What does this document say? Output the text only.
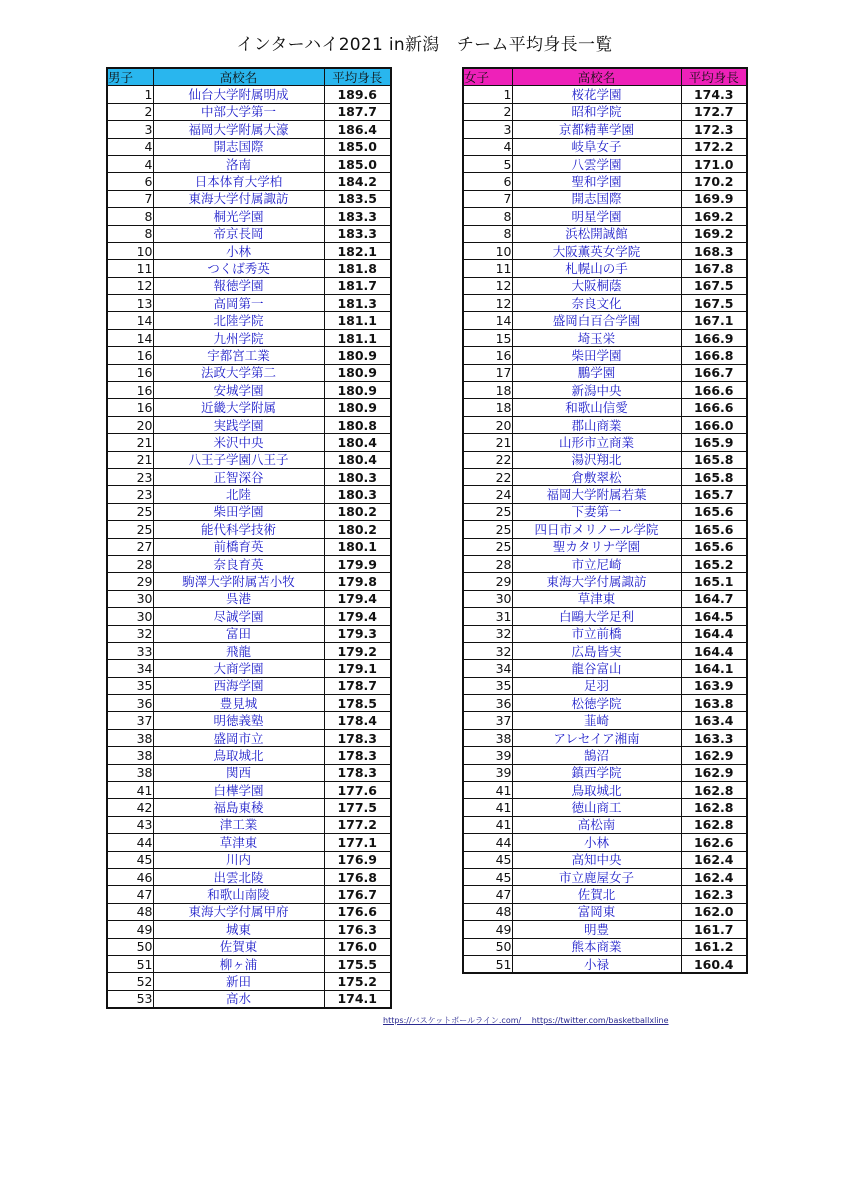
インターハイ2021 in新潟　チーム平均身長一覧
男子	高校名	平均身長
1	仙台大学附属明成	189.6
2	中部大学第一	187.7
3	福岡大学附属大濠	186.4
4	開志国際	185.0
4	洛南	185.0
6	日本体育大学柏	184.2
7	東海大学付属諏訪	183.5
8	桐光学園	183.3
8	帝京長岡	183.3
10	小林	182.1
11	つくば秀英	181.8
12	報徳学園	181.7
13	高岡第一	181.3
14	北陸学院	181.1
14	九州学院	181.1
16	宇都宮工業	180.9
16	法政大学第二	180.9
16	安城学園	180.9
16	近畿大学附属	180.9
20	実践学園	180.8
21	米沢中央	180.4
21	八王子学園八王子	180.4
23	正智深谷	180.3
23	北陸	180.3
25	柴田学園	180.2
25	能代科学技術	180.2
27	前橋育英	180.1
28	奈良育英	179.9
29	駒澤大学附属苫小牧	179.8
30	呉港	179.4
30	尽誠学園	179.4
32	富田	179.3
33	飛龍	179.2
34	大商学園	179.1
35	西海学園	178.7
36	豊見城	178.5
37	明徳義塾	178.4
38	盛岡市立	178.3
38	鳥取城北	178.3
38	関西	178.3
41	白樺学園	177.6
42	福島東稜	177.5
43	津工業	177.2
44	草津東	177.1
45	川内	176.9
46	出雲北陵	176.8
47	和歌山南陵	176.7
48	東海大学付属甲府	176.6
49	城東	176.3
50	佐賀東	176.0
51	柳ヶ浦	175.5
52	新田	175.2
53	高水	174.1
女子	高校名	平均身長
1	桜花学園	174.3
2	昭和学院	172.7
3	京都精華学園	172.3
4	岐阜女子	172.2
5	八雲学園	171.0
6	聖和学園	170.2
7	開志国際	169.9
8	明星学園	169.2
8	浜松開誠館	169.2
10	大阪薫英女学院	168.3
11	札幌山の手	167.8
12	大阪桐蔭	167.5
12	奈良文化	167.5
14	盛岡白百合学園	167.1
15	埼玉栄	166.9
16	柴田学園	166.8
17	鵬学園	166.7
18	新潟中央	166.6
18	和歌山信愛	166.6
20	郡山商業	166.0
21	山形市立商業	165.9
22	湯沢翔北	165.8
22	倉敷翠松	165.8
24	福岡大学附属若葉	165.7
25	下妻第一	165.6
25	四日市メリノール学院	165.6
25	聖カタリナ学園	165.6
28	市立尼崎	165.2
29	東海大学付属諏訪	165.1
30	草津東	164.7
31	白鷗大学足利	164.5
32	市立前橋	164.4
32	広島皆実	164.4
34	龍谷富山	164.1
35	足羽	163.9
36	松徳学院	163.8
37	韮崎	163.4
38	アレセイア湘南	163.3
39	鵠沼	162.9
39	鎮西学院	162.9
41	鳥取城北	162.8
41	徳山商工	162.8
41	高松南	162.8
44	小林	162.6
45	高知中央	162.4
45	市立鹿屋女子	162.4
47	佐賀北	162.3
48	富岡東	162.0
49	明豊	161.7
50	熊本商業	161.2
51	小禄	160.4
https://バスケットボールライン.com/　 https://twitter.com/basketballxline
